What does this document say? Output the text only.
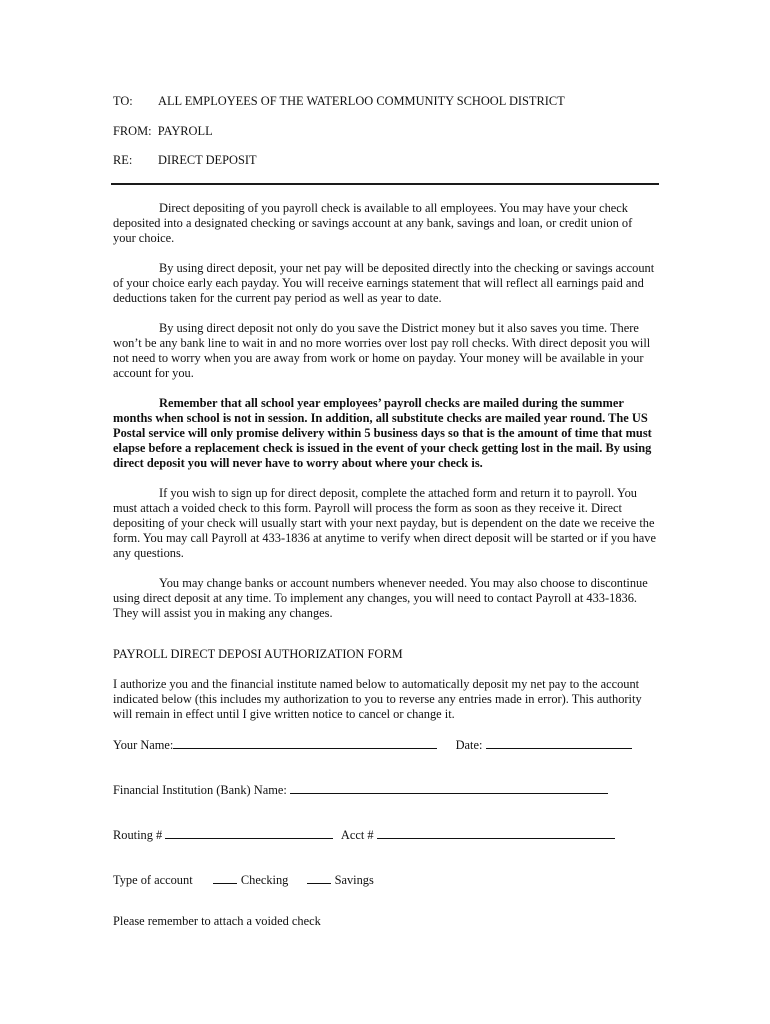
TO: ALL EMPLOYEES OF THE WATERLOO COMMUNITY SCHOOL DISTRICT
FROM: PAYROLL
RE: DIRECT DEPOSIT

Direct depositing of you payroll check is available to all employees. You may have your check deposited into a designated checking or savings account at any bank, savings and loan, or credit union of your choice.

By using direct deposit, your net pay will be deposited directly into the checking or savings account of your choice early each payday. You will receive earnings statement that will reflect all earnings paid and deductions taken for the current pay period as well as year to date.

By using direct deposit not only do you save the District money but it also saves you time. There won’t be any bank line to wait in and no more worries over lost pay roll checks. With direct deposit you will not need to worry when you are away from work or home on payday. Your money will be available in your account for you.

Remember that all school year employees’ payroll checks are mailed during the summer months when school is not in session. In addition, all substitute checks are mailed year round. The US Postal service will only promise delivery within 5 business days so that is the amount of time that must elapse before a replacement check is issued in the event of your check getting lost in the mail. By using direct deposit you will never have to worry about where your check is.

If you wish to sign up for direct deposit, complete the attached form and return it to payroll. You must attach a voided check to this form. Payroll will process the form as soon as they receive it. Direct depositing of your check will usually start with your next payday, but is dependent on the date we receive the form. You may call Payroll at 433-1836 at anytime to verify when direct deposit will be started or if you have any questions.

You may change banks or account numbers whenever needed. You may also choose to discontinue using direct deposit at any time. To implement any changes, you will need to contact Payroll at 433-1836. They will assist you in making any changes.

PAYROLL DIRECT DEPOSI AUTHORIZATION FORM
I authorize you and the financial institute named below to automatically deposit my net pay to the account indicated below (this includes my authorization to you to reverse any entries made in error). This authority will remain in effect until I give written notice to cancel or change it.
Your Name:	Date:
Financial Institution (Bank) Name:
Routing #	Acct #
Type of account	Checking	Savings
Please remember to attach a voided check
